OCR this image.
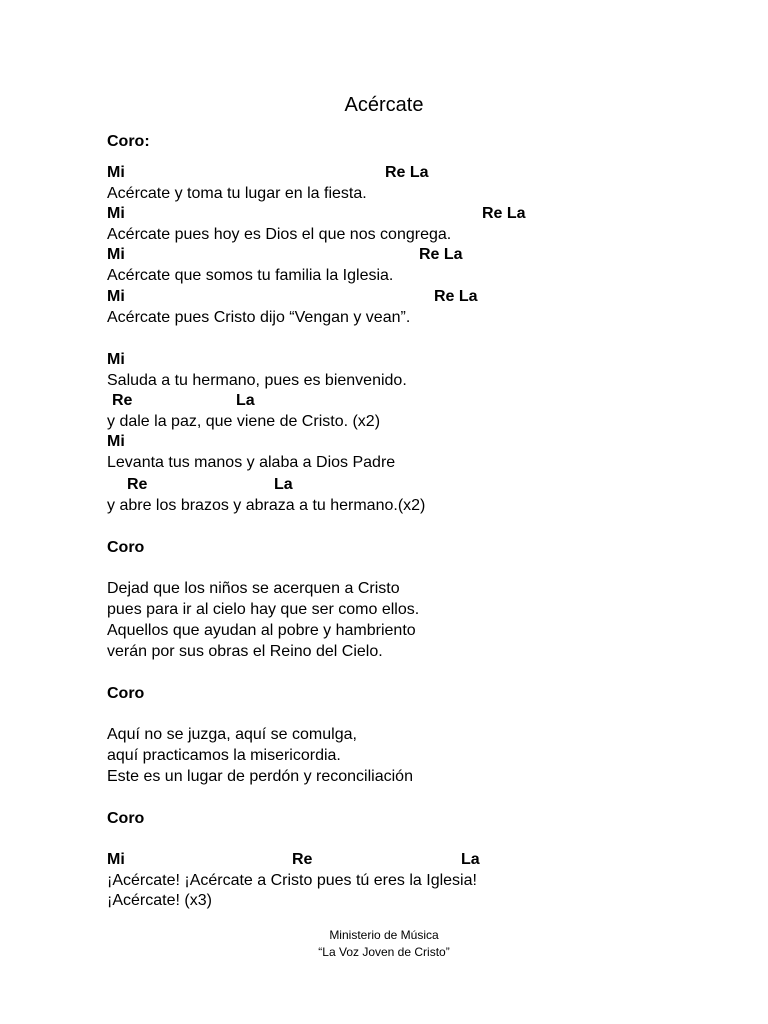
Acércate
Coro:
Mi	Re La
Acércate y toma tu lugar en la fiesta.
Mi	Re La
Acércate pues hoy es Dios el que nos congrega.
Mi	Re La
Acércate que somos tu familia la Iglesia.
Mi	Re La
Acércate pues Cristo dijo “Vengan y vean”.
Mi
Saluda a tu hermano, pues es bienvenido.
Re	La
y dale la paz, que viene de Cristo. (x2)
Mi
Levanta tus manos y alaba a Dios Padre
Re	La
y abre los brazos y abraza a tu hermano.(x2)
Coro
Dejad que los niños se acerquen a Cristo
pues para ir al cielo hay que ser como ellos.
Aquellos que ayudan al pobre y hambriento
verán por sus obras el Reino del Cielo.
Coro
Aquí no se juzga, aquí se comulga,
aquí practicamos la misericordia.
Este es un lugar de perdón y reconciliación
Coro
Mi	Re	La
¡Acércate! ¡Acércate a Cristo pues tú eres la Iglesia!
¡Acércate! (x3)
Ministerio de Música
“La Voz Joven de Cristo”
